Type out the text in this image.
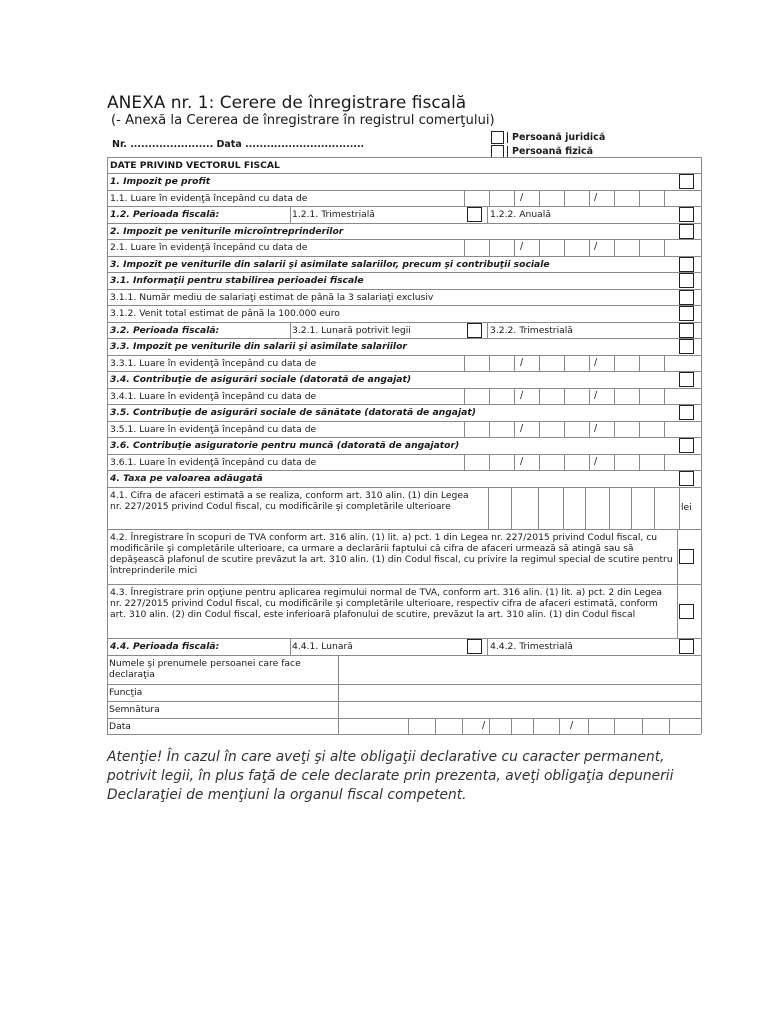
ANEXA nr. 1: Cerere de înregistrare fiscală
(- Anexă la Cererea de înregistrare în registrul comerţului)
Nr. ....................... Data .................................
Persoană juridică
Persoană fizică
DATE PRIVIND VECTORUL FISCAL
1. Impozit pe profit
1.1. Luare în evidenţă începând cu data de	/	/
1.2. Perioada fiscală:	1.2.1. Trimestrială	1.2.2. Anuală
2. Impozit pe veniturile microîntreprinderilor
2.1. Luare în evidenţă începând cu data de	/	/
3. Impozit pe veniturile din salarii şi asimilate salariilor, precum şi contribuţii sociale
3.1. Informaţii pentru stabilirea perioadei fiscale
3.1.1. Număr mediu de salariaţi estimat de până la 3 salariaţi exclusiv
3.1.2. Venit total estimat de până la 100.000 euro
3.2. Perioada fiscală:	3.2.1. Lunară potrivit legii	3.2.2. Trimestrială
3.3. Impozit pe veniturile din salarii şi asimilate salariilor
3.3.1. Luare în evidenţă începând cu data de	/	/
3.4. Contribuţie de asigurări sociale (datorată de angajat)
3.4.1. Luare în evidenţă începând cu data de	/	/
3.5. Contribuţie de asigurări sociale de sănătate (datorată de angajat)
3.5.1. Luare în evidenţă începând cu data de	/	/
3.6. Contribuţie asiguratorie pentru muncă (datorată de angajator)
3.6.1. Luare în evidenţă începând cu data de	/	/
4. Taxa pe valoarea adăugată
4.1. Cifra de afaceri estimată a se realiza, conform art. 310 alin. (1) din Legea nr. 227/2015 privind Codul fiscal, cu modificările şi completările ulterioare	lei
4.2. Înregistrare în scopuri de TVA conform art. 316 alin. (1) lit. a) pct. 1 din Legea nr. 227/2015 privind Codul fiscal, cu modificările şi completările ulterioare, ca urmare a declarării faptului că cifra de afaceri urmează să atingă sau să depăşească plafonul de scutire prevăzut la art. 310 alin. (1) din Codul fiscal, cu privire la regimul special de scutire pentru întreprinderile mici
4.3. Înregistrare prin opţiune pentru aplicarea regimului normal de TVA, conform art. 316 alin. (1) lit. a) pct. 2 din Legea nr. 227/2015 privind Codul fiscal, cu modificările şi completările ulterioare, respectiv cifra de afaceri estimată, conform art. 310 alin. (2) din Codul fiscal, este inferioară plafonului de scutire, prevăzut la art. 310 alin. (1) din Codul fiscal
4.4. Perioada fiscală:	4.4.1. Lunară	4.4.2. Trimestrială
Numele şi prenumele persoanei care face declaraţia
Funcţia
Semnătura
Data	/	/
Atenţie! În cazul în care aveţi şi alte obligaţii declarative cu caracter permanent, potrivit legii, în plus faţă de cele declarate prin prezenta, aveţi obligaţia depunerii Declaraţiei de menţiuni la organul fiscal competent.
